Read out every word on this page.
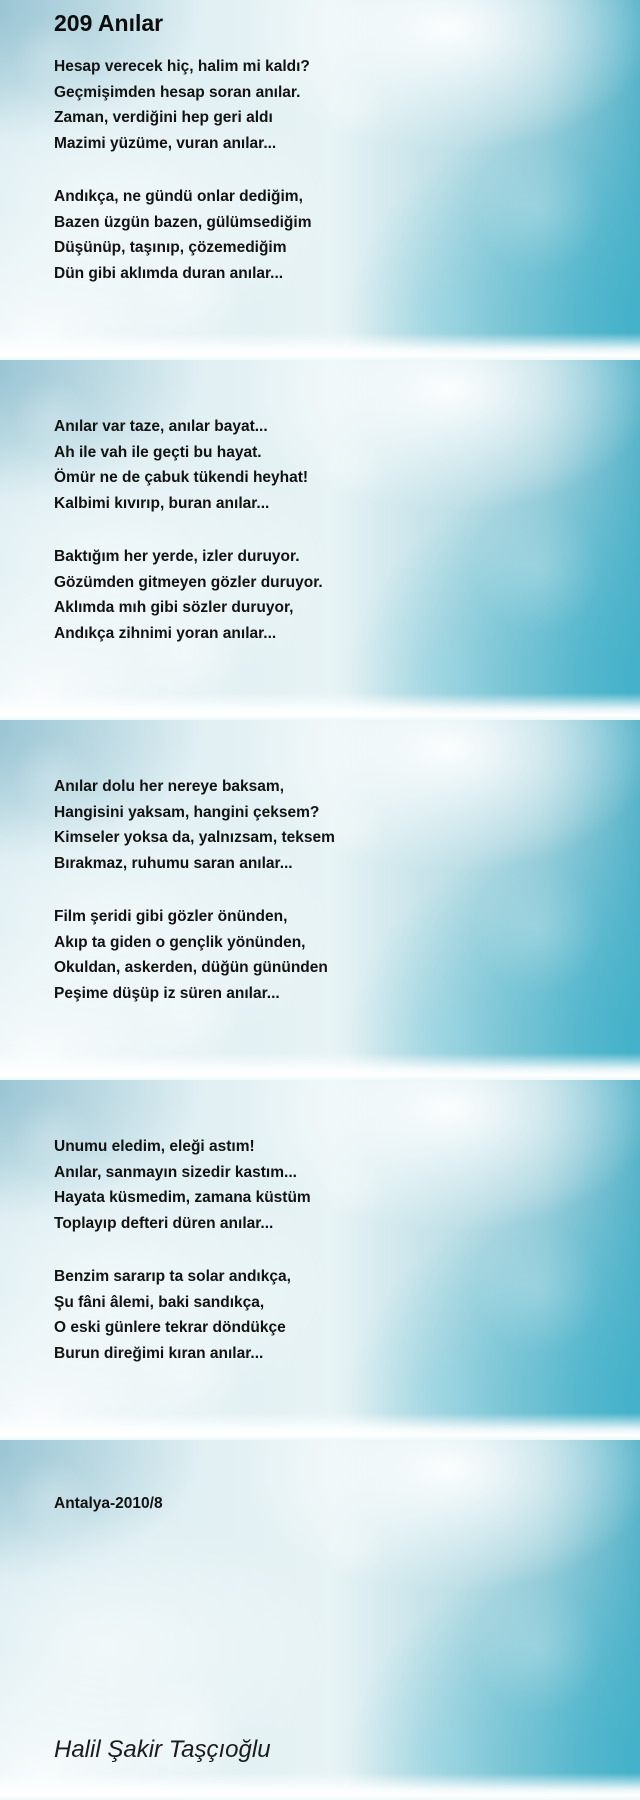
209 Anılar

Hesap verecek hiç, halim mi kaldı?

Geçmişimden hesap soran anılar.

Zaman, verdiğini hep geri aldı

Mazimi yüzüme, vuran anılar...

Andıkça, ne gündü onlar dediğim,

Bazen üzgün bazen, gülümsediğim

Düşünüp, taşınıp, çözemediğim

Dün gibi aklımda duran anılar...

Anılar var taze, anılar bayat...

Ah ile vah ile geçti bu hayat.

Ömür ne de çabuk tükendi heyhat!

Kalbimi kıvırıp, buran anılar...

Baktığım her yerde, izler duruyor.

Gözümden gitmeyen gözler duruyor.

Aklımda mıh gibi sözler duruyor,

Andıkça zihnimi yoran anılar...

Anılar dolu her nereye baksam,

Hangisini yaksam, hangini çeksem?

Kimseler yoksa da, yalnızsam, teksem

Bırakmaz, ruhumu saran anılar...

Film şeridi gibi gözler önünden,

Akıp ta giden o gençlik yönünden,

Okuldan, askerden, düğün gününden

Peşime düşüp iz süren anılar...

Unumu eledim, eleği astım!

Anılar, sanmayın sizedir kastım...

Hayata küsmedim, zamana küstüm

Toplayıp defteri düren anılar...

Benzim sararıp ta solar andıkça,

Şu fâni âlemi, baki sandıkça,

O eski günlere tekrar döndükçe

Burun direğimi kıran anılar...

Antalya-2010/8

Halil Şakir Taşçıoğlu
